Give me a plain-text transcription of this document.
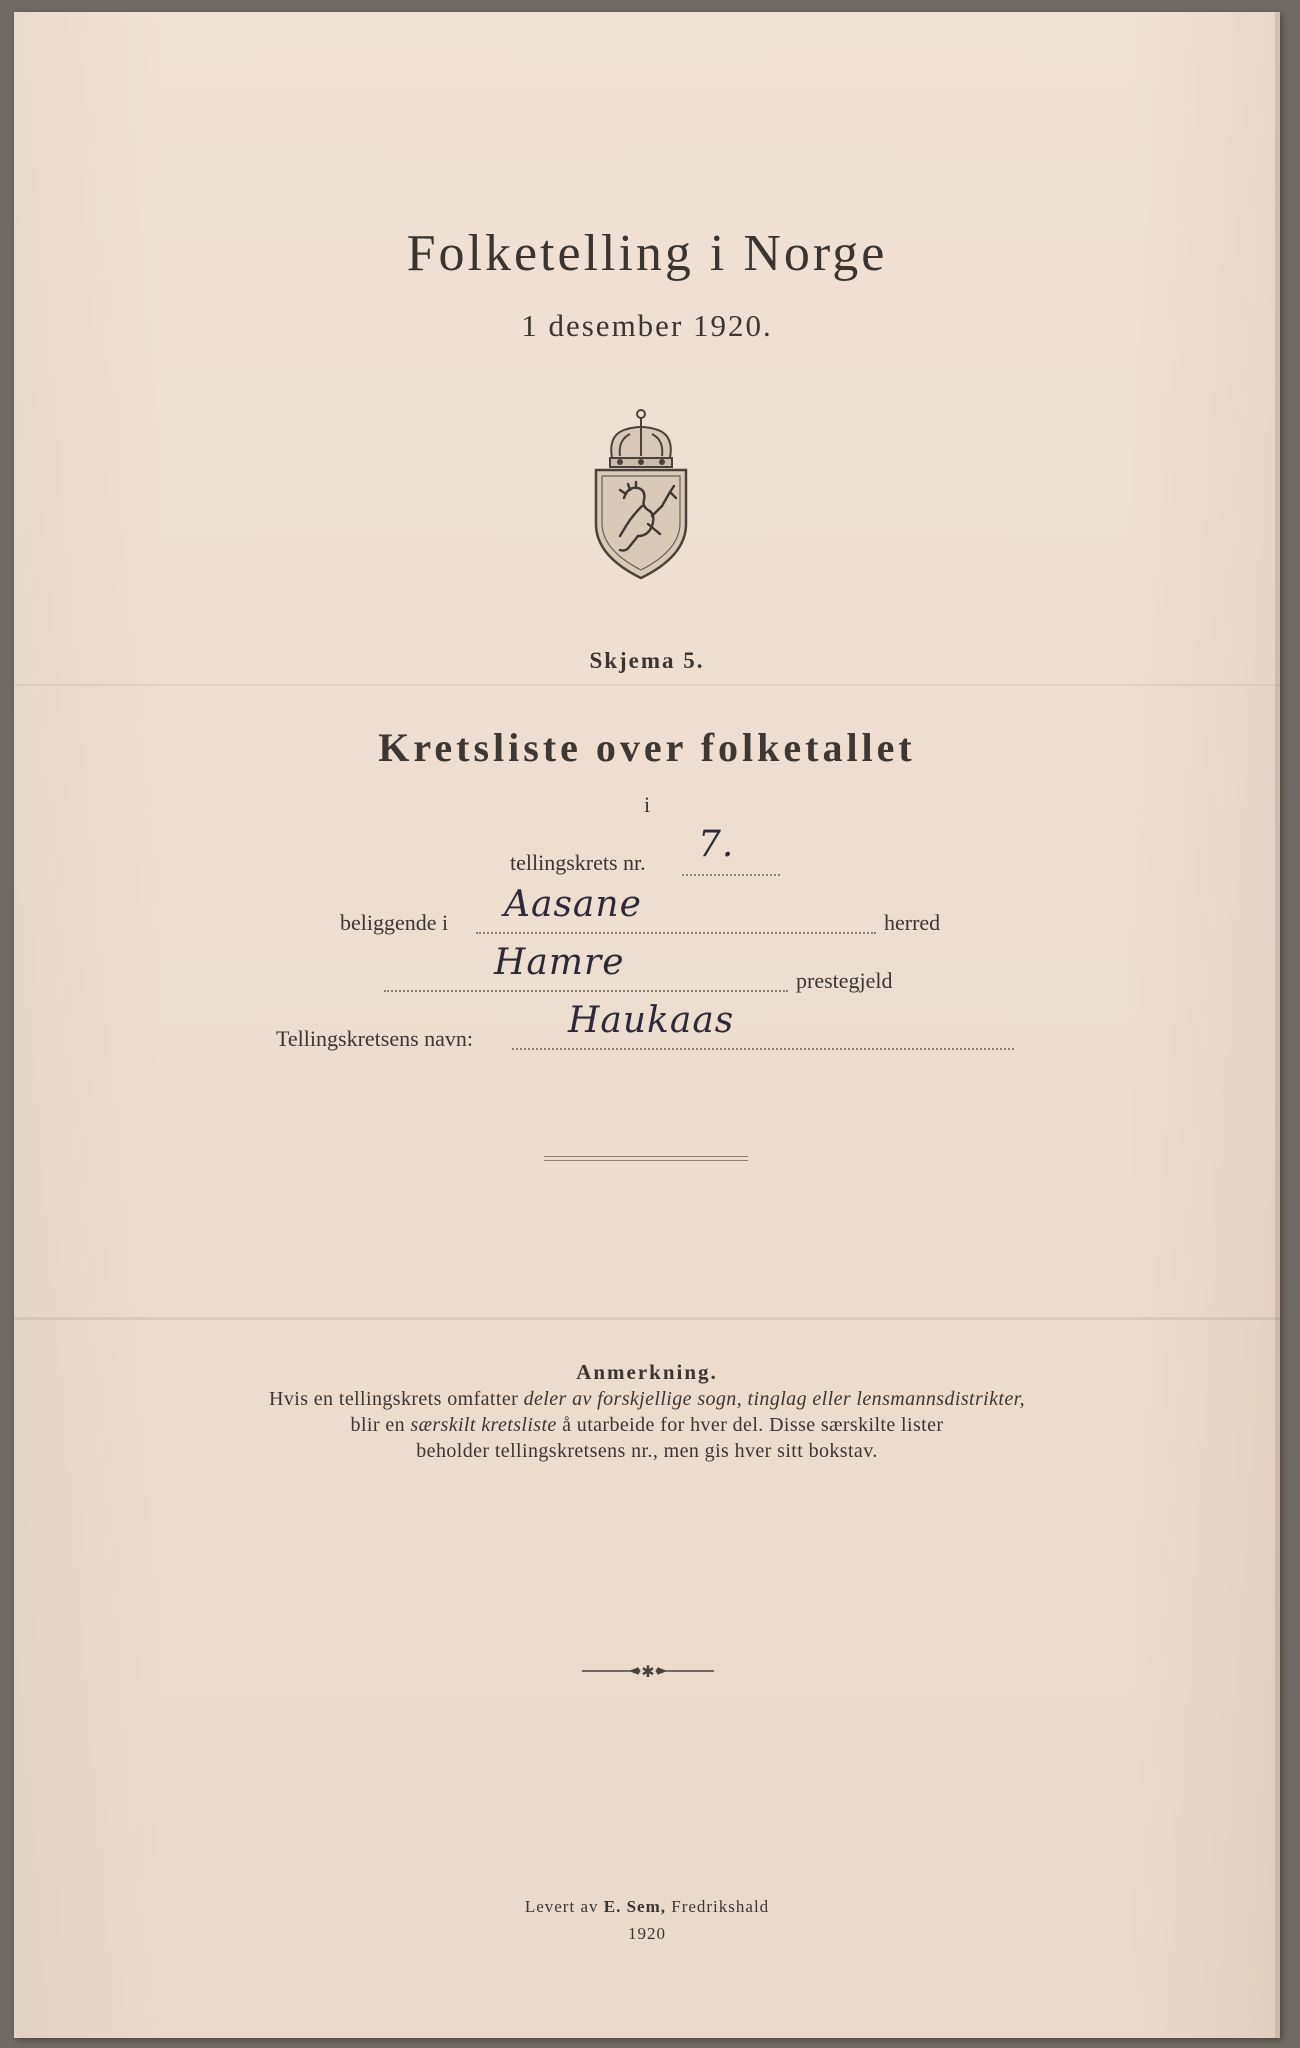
Folketelling i Norge
1 desember 1920.
Skjema 5.
Kretsliste over folketallet
i
tellingskrets nr. 7.
beliggende i Aasane	herred
Hamre	prestegjeld
Tellingskretsens navn:	Haukaas
Anmerkning.
Hvis en tellingskrets omfatter deler av forskjellige sogn, tinglag eller lensmannsdistrikter,
blir en særskilt kretsliste å utarbeide for hver del. Disse særskilte lister
beholder tellingskretsens nr., men gis hver sitt bokstav.
✱
Levert av E. Sem, Fredrikshald
1920
